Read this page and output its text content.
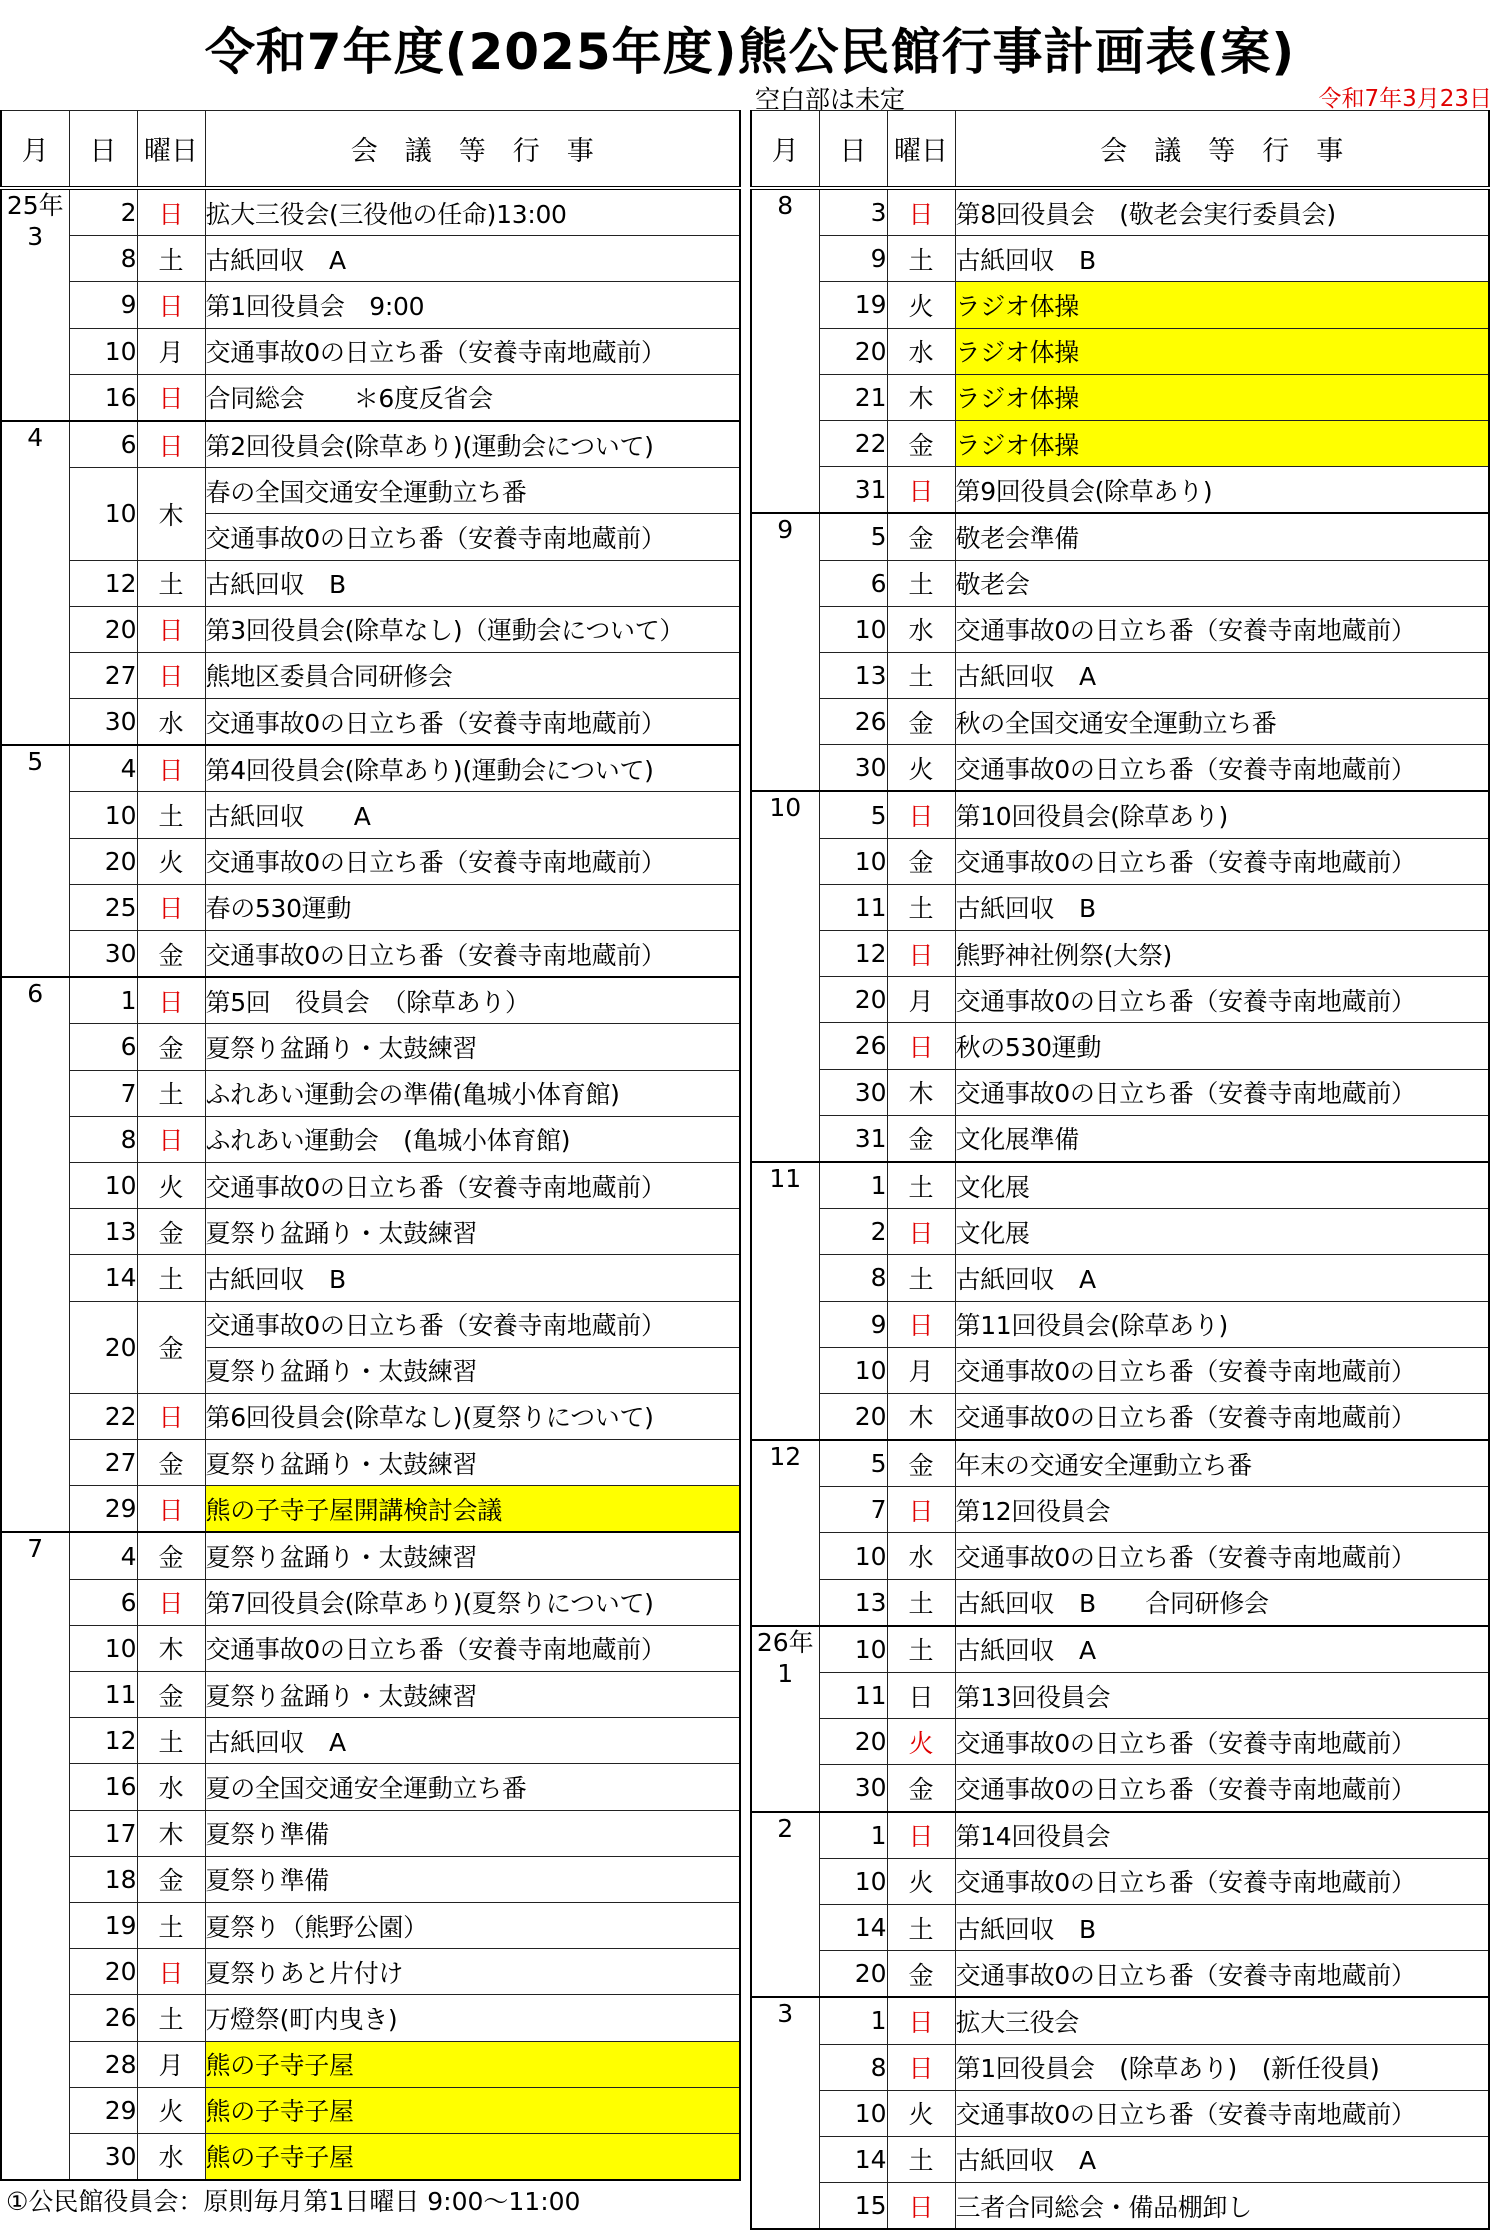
令和7年度(2025年度)熊公民館行事計画表(案)
空白部は未定	令和7年3月23日
月	日	曜日	会　議　等　行　事

25年
3	2	日	拡大三役会(三役他の任命)13:00
	8	土	古紙回収　A
	9	日	第1回役員会　9:00
	10	月	交通事故0の日立ち番（安養寺南地蔵前）
	16	日	合同総会　　＊6度反省会

4	6	日	第2回役員会(除草あり)(運動会について)
	10	木	春の全国交通安全運動立ち番
			交通事故0の日立ち番（安養寺南地蔵前）
	12	土	古紙回収　B
	20	日	第3回役員会(除草なし)（運動会について）
	27	日	熊地区委員合同研修会
	30	水	交通事故0の日立ち番（安養寺南地蔵前）

5	4	日	第4回役員会(除草あり)(運動会について)
	10	土	古紙回収　　A
	20	火	交通事故0の日立ち番（安養寺南地蔵前）
	25	日	春の530運動
	30	金	交通事故0の日立ち番（安養寺南地蔵前）

6	1	日	第5回　役員会　（除草あり）
	6	金	夏祭り盆踊り・太鼓練習
	7	土	ふれあい運動会の準備(亀城小体育館)
	8	日	ふれあい運動会　(亀城小体育館)
	10	火	交通事故0の日立ち番（安養寺南地蔵前）
	13	金	夏祭り盆踊り・太鼓練習
	14	土	古紙回収　B
	20	金	交通事故0の日立ち番（安養寺南地蔵前）
			夏祭り盆踊り・太鼓練習
	22	日	第6回役員会(除草なし)(夏祭りについて)
	27	金	夏祭り盆踊り・太鼓練習
	29	日	熊の子寺子屋開講検討会議

7	4	金	夏祭り盆踊り・太鼓練習
	6	日	第7回役員会(除草あり)(夏祭りについて)
	10	木	交通事故0の日立ち番（安養寺南地蔵前）
	11	金	夏祭り盆踊り・太鼓練習
	12	土	古紙回収　A
	16	水	夏の全国交通安全運動立ち番
	17	木	夏祭り準備
	18	金	夏祭り準備
	19	土	夏祭り（熊野公園）
	20	日	夏祭りあと片付け
	26	土	万燈祭(町内曳き)
	28	月	熊の子寺子屋
	29	火	熊の子寺子屋
	30	水	熊の子寺子屋
月	日	曜日	会　議　等　行　事

8	3	日	第8回役員会　(敬老会実行委員会)
	9	土	古紙回収　B
	19	火	ラジオ体操
	20	水	ラジオ体操
	21	木	ラジオ体操
	22	金	ラジオ体操
	31	日	第9回役員会(除草あり)

9	5	金	敬老会準備
	6	土	敬老会
	10	水	交通事故0の日立ち番（安養寺南地蔵前）
	13	土	古紙回収　A
	26	金	秋の全国交通安全運動立ち番
	30	火	交通事故0の日立ち番（安養寺南地蔵前）

10	5	日	第10回役員会(除草あり)
	10	金	交通事故0の日立ち番（安養寺南地蔵前）
	11	土	古紙回収　B
	12	日	熊野神社例祭(大祭)
	20	月	交通事故0の日立ち番（安養寺南地蔵前）
	26	日	秋の530運動
	30	木	交通事故0の日立ち番（安養寺南地蔵前）
	31	金	文化展準備

11	1	土	文化展
	2	日	文化展
	8	土	古紙回収　A
	9	日	第11回役員会(除草あり)
	10	月	交通事故0の日立ち番（安養寺南地蔵前）
	20	木	交通事故0の日立ち番（安養寺南地蔵前）

12	5	金	年末の交通安全運動立ち番
	7	日	第12回役員会
	10	水	交通事故0の日立ち番（安養寺南地蔵前）
	13	土	古紙回収　B　　合同研修会

26年
1	10	土	古紙回収　A
	11	日	第13回役員会
	20	火	交通事故0の日立ち番（安養寺南地蔵前）
	30	金	交通事故0の日立ち番（安養寺南地蔵前）

2	1	日	第14回役員会
	10	火	交通事故0の日立ち番（安養寺南地蔵前）
	14	土	古紙回収　B
	20	金	交通事故0の日立ち番（安養寺南地蔵前）

3	1	日	拡大三役会
	8	日	第1回役員会　(除草あり)　(新任役員)
	10	火	交通事故0の日立ち番（安養寺南地蔵前）
	14	土	古紙回収　A
	15	日	三者合同総会・備品棚卸し
①公民館役員会：原則毎月第1日曜日 9:00～11:00
